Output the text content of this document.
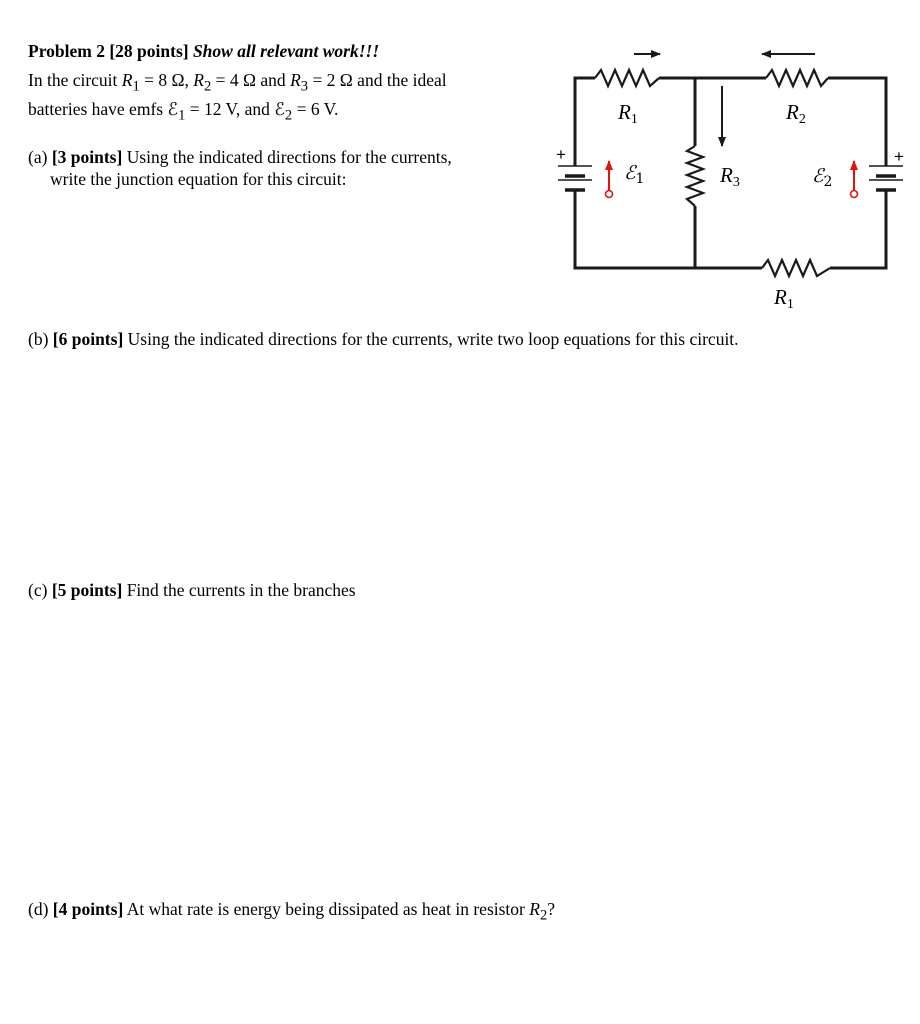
Problem 2 [28 points] Show all relevant work!!!
In the circuit $R_1 = 8$ Ω, $R_2 = 4$ Ω and $R_3 = 2$ Ω and the ideal
batteries have emfs ℰ$_1$ = 12 V, and ℰ$_2$ = 6 V.
(a) [3 points] Using the indicated directions for the currents,
write the junction equation for this circuit:
(b) [6 points] Using the indicated directions for the currents, write two loop equations for this circuit.
(c) [5 points] Find the currents in the branches
(d) [4 points] At what rate is energy being dissipated as heat in resistor $R_2$?
+	+
R1	R2
R3
R1
ℰ$_1$	ℰ$_2$
